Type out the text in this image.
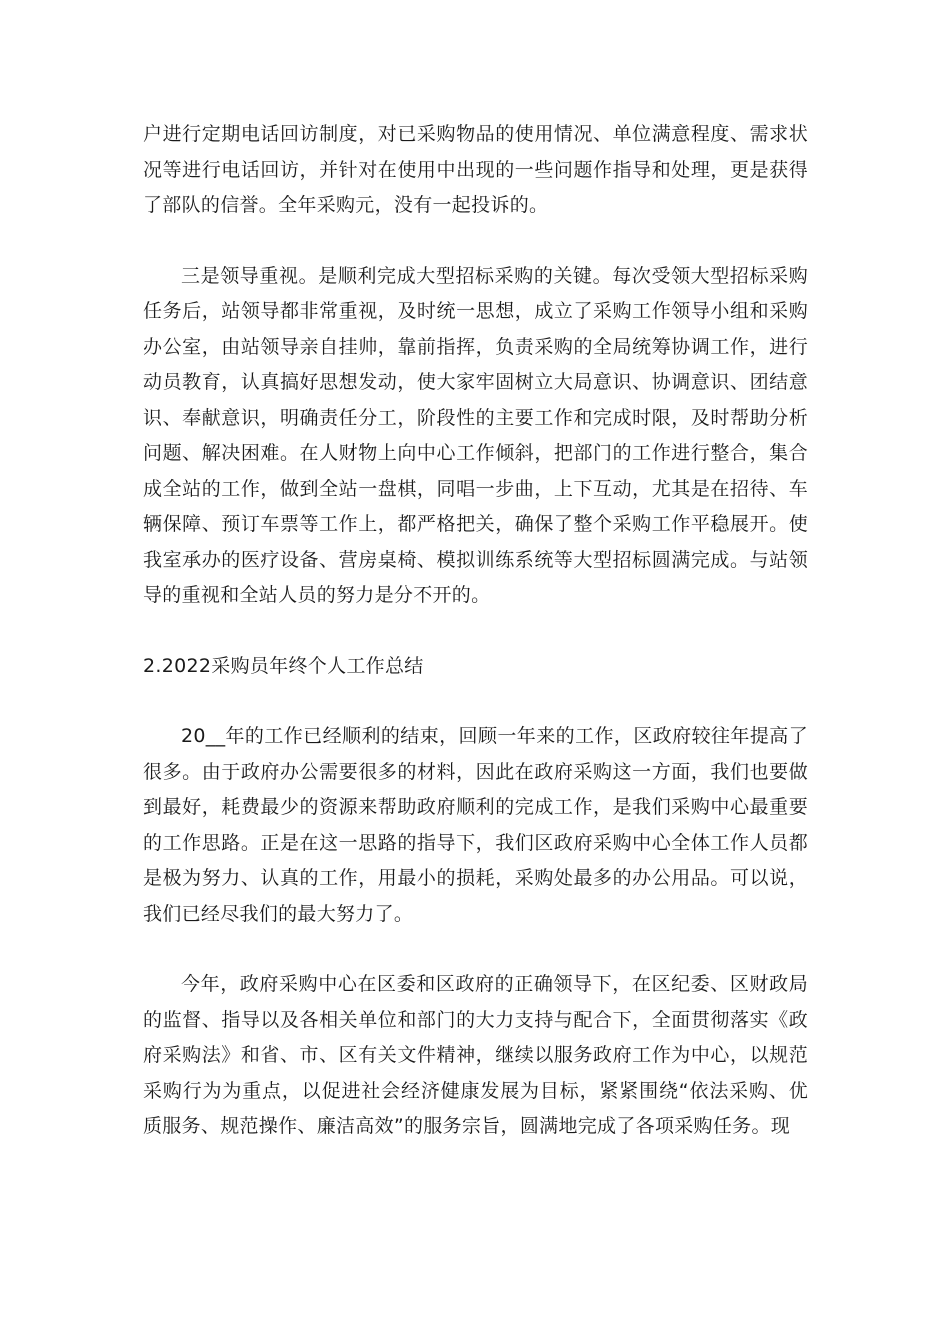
户进行定期电话回访制度，对已采购物品的使用情况、单位满意程度、需求状况等进行电话回访，并针对在使用中出现的一些问题作指导和处理，更是获得了部队的信誉。全年采购元，没有一起投诉的。

三是领导重视。是顺利完成大型招标采购的关键。每次受领大型招标采购任务后，站领导都非常重视，及时统一思想，成立了采购工作领导小组和采购办公室，由站领导亲自挂帅，靠前指挥，负责采购的全局统筹协调工作，进行动员教育，认真搞好思想发动，使大家牢固树立大局意识、协调意识、团结意识、奉献意识，明确责任分工，阶段性的主要工作和完成时限，及时帮助分析问题、解决困难。在人财物上向中心工作倾斜，把部门的工作进行整合，集合成全站的工作，做到全站一盘棋，同唱一步曲，上下互动，尤其是在招待、车辆保障、预订车票等工作上，都严格把关，确保了整个采购工作平稳展开。使我室承办的医疗设备、营房桌椅、模拟训练系统等大型招标圆满完成。与站领导的重视和全站人员的努力是分不开的。

2.2022采购员年终个人工作总结

20__年的工作已经顺利的结束，回顾一年来的工作，区政府较往年提高了很多。由于政府办公需要很多的材料，因此在政府采购这一方面，我们也要做到最好，耗费最少的资源来帮助政府顺利的完成工作，是我们采购中心最重要的工作思路。正是在这一思路的指导下，我们区政府采购中心全体工作人员都是极为努力、认真的工作，用最小的损耗，采购处最多的办公用品。可以说，我们已经尽我们的最大努力了。

今年，政府采购中心在区委和区政府的正确领导下，在区纪委、区财政局的监督、指导以及各相关单位和部门的大力支持与配合下，全面贯彻落实《政府采购法》和省、市、区有关文件精神，继续以服务政府工作为中心，以规范采购行为为重点，以促进社会经济健康发展为目标，紧紧围绕“依法采购、优质服务、规范操作、廉洁高效”的服务宗旨，圆满地完成了各项采购任务。现
